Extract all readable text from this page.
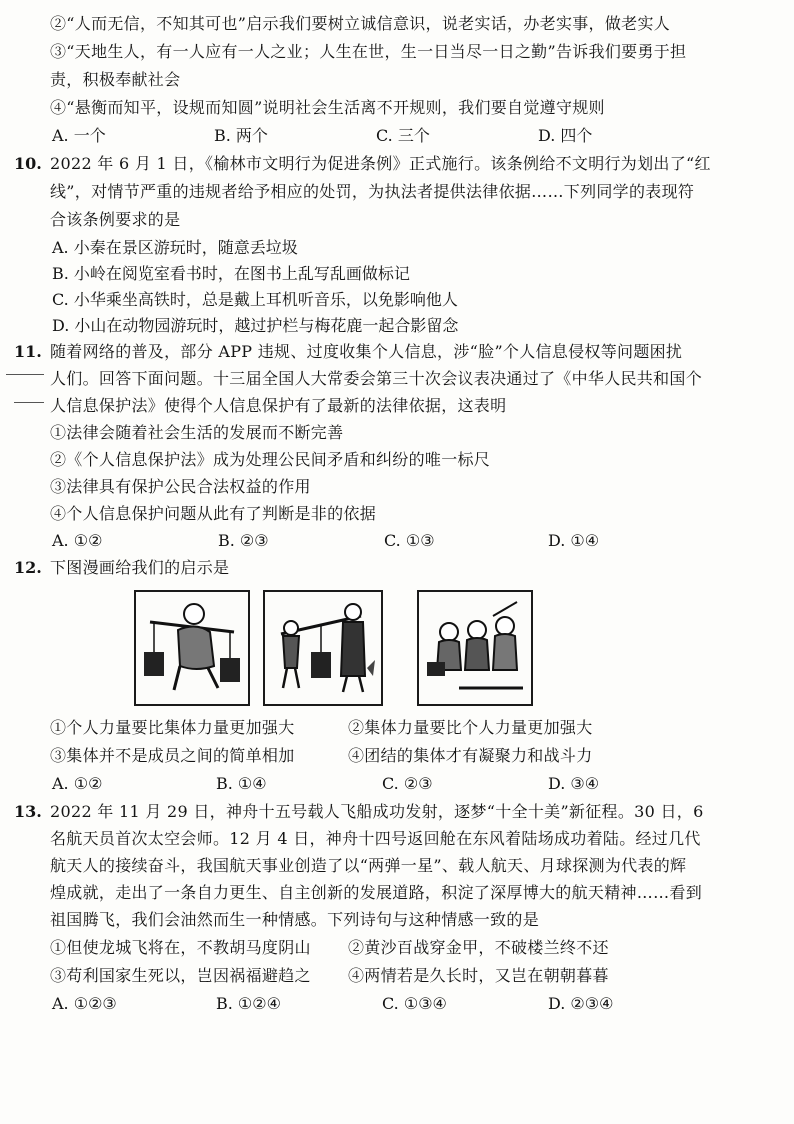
②“人而无信，不知其可也”启示我们要树立诚信意识，说老实话，办老实事，做老实人
③“天地生人，有一人应有一人之业；人生在世，生一日当尽一日之勤”告诉我们要勇于担
责，积极奉献社会
④“悬衡而知平，设规而知圆”说明社会生活离不开规则，我们要自觉遵守规则
A. 一个	B. 两个	C. 三个	D. 四个
10. 2022 年 6 月 1 日，《榆林市文明行为促进条例》正式施行。该条例给不文明行为划出了“红
线”，对情节严重的违规者给予相应的处罚，为执法者提供法律依据……下列同学的表现符
合该条例要求的是
A. 小秦在景区游玩时，随意丢垃圾
B. 小岭在阅览室看书时，在图书上乱写乱画做标记
C. 小华乘坐高铁时，总是戴上耳机听音乐，以免影响他人
D. 小山在动物园游玩时，越过护栏与梅花鹿一起合影留念
11. 随着网络的普及，部分 APP 违规、过度收集个人信息，涉“脸”个人信息侵权等问题困扰
人们。回答下面问题。十三届全国人大常委会第三十次会议表决通过了《中华人民共和国个
人信息保护法》使得个人信息保护有了最新的法律依据，这表明
①法律会随着社会生活的发展而不断完善
②《个人信息保护法》成为处理公民间矛盾和纠纷的唯一标尺
③法律具有保护公民合法权益的作用
④个人信息保护问题从此有了判断是非的依据
A. ①②	B. ②③	C. ①③	D. ①④
12. 下图漫画给我们的启示是
①个人力量要比集体力量更加强大	②集体力量要比个人力量更加强大
③集体并不是成员之间的简单相加	④团结的集体才有凝聚力和战斗力
A. ①②	B. ①④	C. ②③	D. ③④
13. 2022 年 11 月 29 日，神舟十五号载人飞船成功发射，逐梦“十全十美”新征程。30 日，6
名航天员首次太空会师。12 月 4 日，神舟十四号返回舱在东风着陆场成功着陆。经过几代
航天人的接续奋斗，我国航天事业创造了以“两弹一星”、载人航天、月球探测为代表的辉
煌成就，走出了一条自力更生、自主创新的发展道路，积淀了深厚博大的航天精神……看到
祖国腾飞，我们会油然而生一种情感。下列诗句与这种情感一致的是
①但使龙城飞将在，不教胡马度阴山 ②黄沙百战穿金甲，不破楼兰终不还
③苟利国家生死以，岂因祸福避趋之 ④两情若是久长时，又岂在朝朝暮暮
A. ①②③	B. ①②④	C. ①③④	D. ②③④
